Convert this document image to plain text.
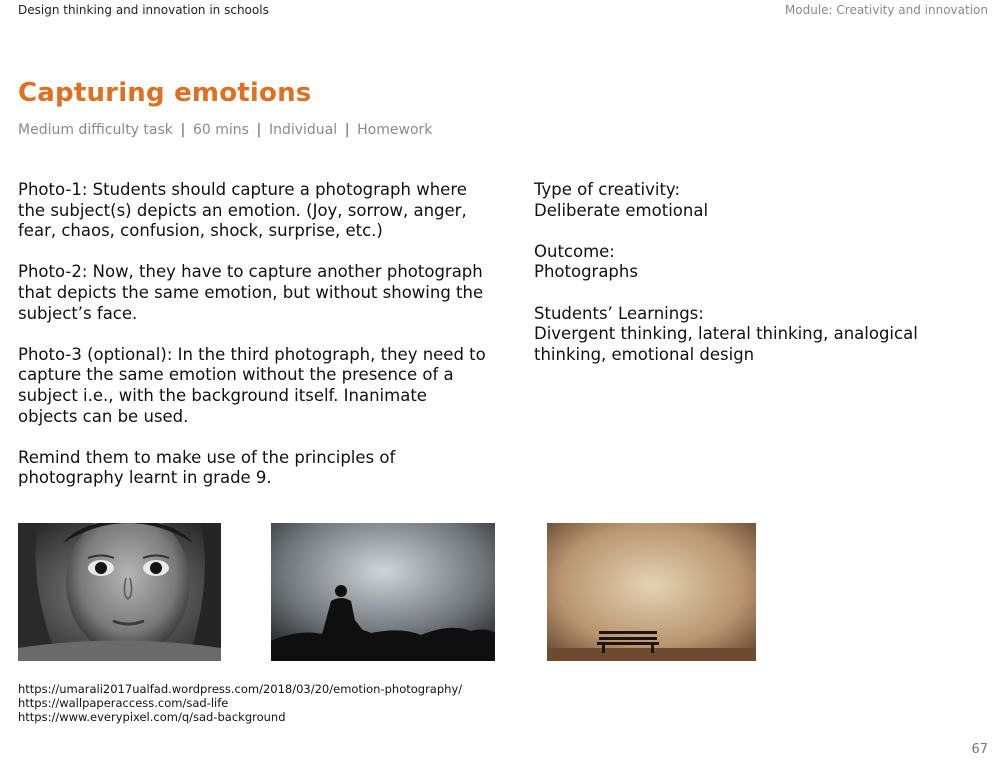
Design thinking and innovation in schools	Module: Creativity and innovation
Capturing emotions
Medium difficulty task | 60 mins | Individual | Homework

Photo-1: Students should capture a photograph where the subject(s) depicts an emotion. (Joy, sorrow, anger, fear, chaos, confusion, shock, surprise, etc.)

Photo-2: Now, they have to capture another photograph that depicts the same emotion, but without showing the subject’s face.

Photo-3 (optional): In the third photograph, they need to capture the same emotion without the presence of a subject i.e., with the background itself. Inanimate objects can be used.

Remind them to make use of the principles of photography learnt in grade 9.

Type of creativity:
Deliberate emotional
Outcome:
Photographs
Students’ Learnings:
Divergent thinking, lateral thinking, analogical thinking, emotional design
https://umarali2017ualfad.wordpress.com/2018/03/20/emotion-photography/
https://wallpaperaccess.com/sad-life
https://www.everypixel.com/q/sad-background
67
